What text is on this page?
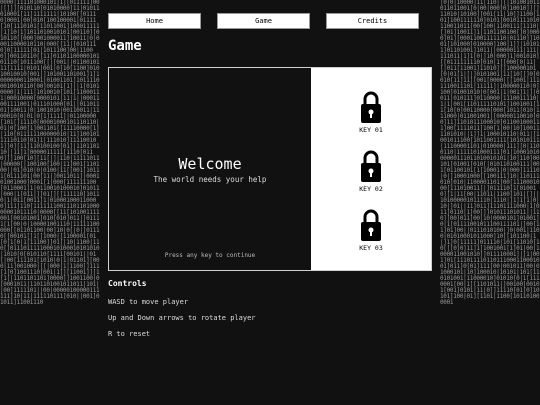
0000|111101000101|1][011111]00|[]]][010110[01010000]11|01011010001[11]1111111|10100[[01110]0001|00]010[100100001|01111[10[1110101[11011001]100011111|1]10|1]1011010010101[00110][010110[[000]001000011]10011|0|00011000010110|000[[11|[0101110]0]11111[01|1011100]00|11000]]00110110[[11]0110110000010101110[1011100[[|[001||0110010111[1111|0101|001|0]10[1100]01010010010[001|]101001101001]1]10000000110001|01001101]10111100010010110[00]00101[1]||1[01010000|1|111|1010010[101[11000111|00010000[0000101|11|1||00011001111001|011101000[01||01101101]10011|0|1001010|00110011|1100010[0|01|0[1]1111]|01100000[101[]11110[00001000101110110|01|0[100]1]001101[[11110000[1]|110[011111100000010|11]10010111110110]01]1|111010]111100101]]0][11]110100100[01]|110110110||11]1[0000011111[1110[0110]]]100[10][11[|]|110|11111011|00000[|100100[100|11]001[110100||01]010|0|0100|11[[001]10111[0111101|00[11|]0011011]|000101001000]0001[1|000[111111100[0110001|1|0110010100010]01011|000|1[011|]]01[][[111110]10110|1|011[0011]1|010001000110000]111]110[1111111001110110100000001011110|0000[[11[101001111001[00101001]010[010]011|]01111[1[00|0|100001001110|11111100000[[01101100|00]10|0[|0|]01110[[00101[]1[]1000|]1100001[01[0[1[0|1[11100]]01[|10|1100|110[]011101111100010100010101010|1010[0[010110[1111[00101||01[|00[111101[1010|0|1|01101][000|11]001000|[[|000|1|1100]]111[1[0]1001110[001|1[][11001]]]1[1[|1101101101]0000]]1001100|0[0001011|1101101001011011|101||00]1111101||00|00000100000111111]10|11|111110111]010||001]01011]11001110
|0]0|10000]11|110||[|101001011011011001[0|00|000]0]10010]][]11010|10100][001[11|10]]1100|101]1001111110]0101[00101111010110011011[00[100|1100111[1110|[]01]10011]1|1101100100[]0]0000]01][00011001111110|01110]]1001[101000]010000]100|1]]|101011]01101001]1011||00000111|111|111011|1]1[0|]10|000]1]001010][[0111111110[010|1[[000[0|11|[|011[11001]11010]]]100000101[0|01[1|[|]0101001|11[10[[]0]0010[11]11][001[0000|[[1001|1111110011101|11111]|100000110|0]100]01001010|0[001|1|001]1|]|0011|010111]0110000|1110011110|1|1|001[110111110101]1001001[11[10[0]00110000[000[1011[010|111000|011001001|[00000110010]00]11]1101011100010]011001000111]00[1111011]100[1|00|10]100111101010||1]]1|100010110|011|[1001011100[1011001111[101010111|11100001101|010000|111][0|1100110|1111101000111[01|1000101000000111011010010101|10]110]00101[01001[010[|010110100111|001[01100101[1[10001|0|000]11110|0|]10001000[[100111]10|110111010]010|1100001101]00[1110001000[111010011[|]011110]1[010010][1|11[00|11011|1100]101|[]||101000001011110|1110|]1]1[1|0|10|]01||11]011]11101111000|1[011]0110|1]00]]]01011101011||110][00]011]00|10|0000101]01001]0|1[01111001011100111101|]00[11]01]00||0111010100|]0|001|1100|01010001011000]10[[101100|1|]1]0[11111]011110|101[11010[10[[[0]0]11]1]1001001[1]01|00|1000011001010]]011110001]|]1|001]01[111011110110111000110001001]011]0[01]111[00|001011[00|01000101|10]100010|10101|101[110101001|11000010]01010[0|1[1110001[00|1][1101011|]00100]00101[001]0101|11|0]]11110[01[0]10101]100|01][1101|1100[101101000001
Home	Game	Credits
Game
Welcome
The world needs your help
Press any key to continue
KEY 01
KEY 02
KEY 03
Controls
WASD to move player
Up and Down arrows to rotate player
R to reset
